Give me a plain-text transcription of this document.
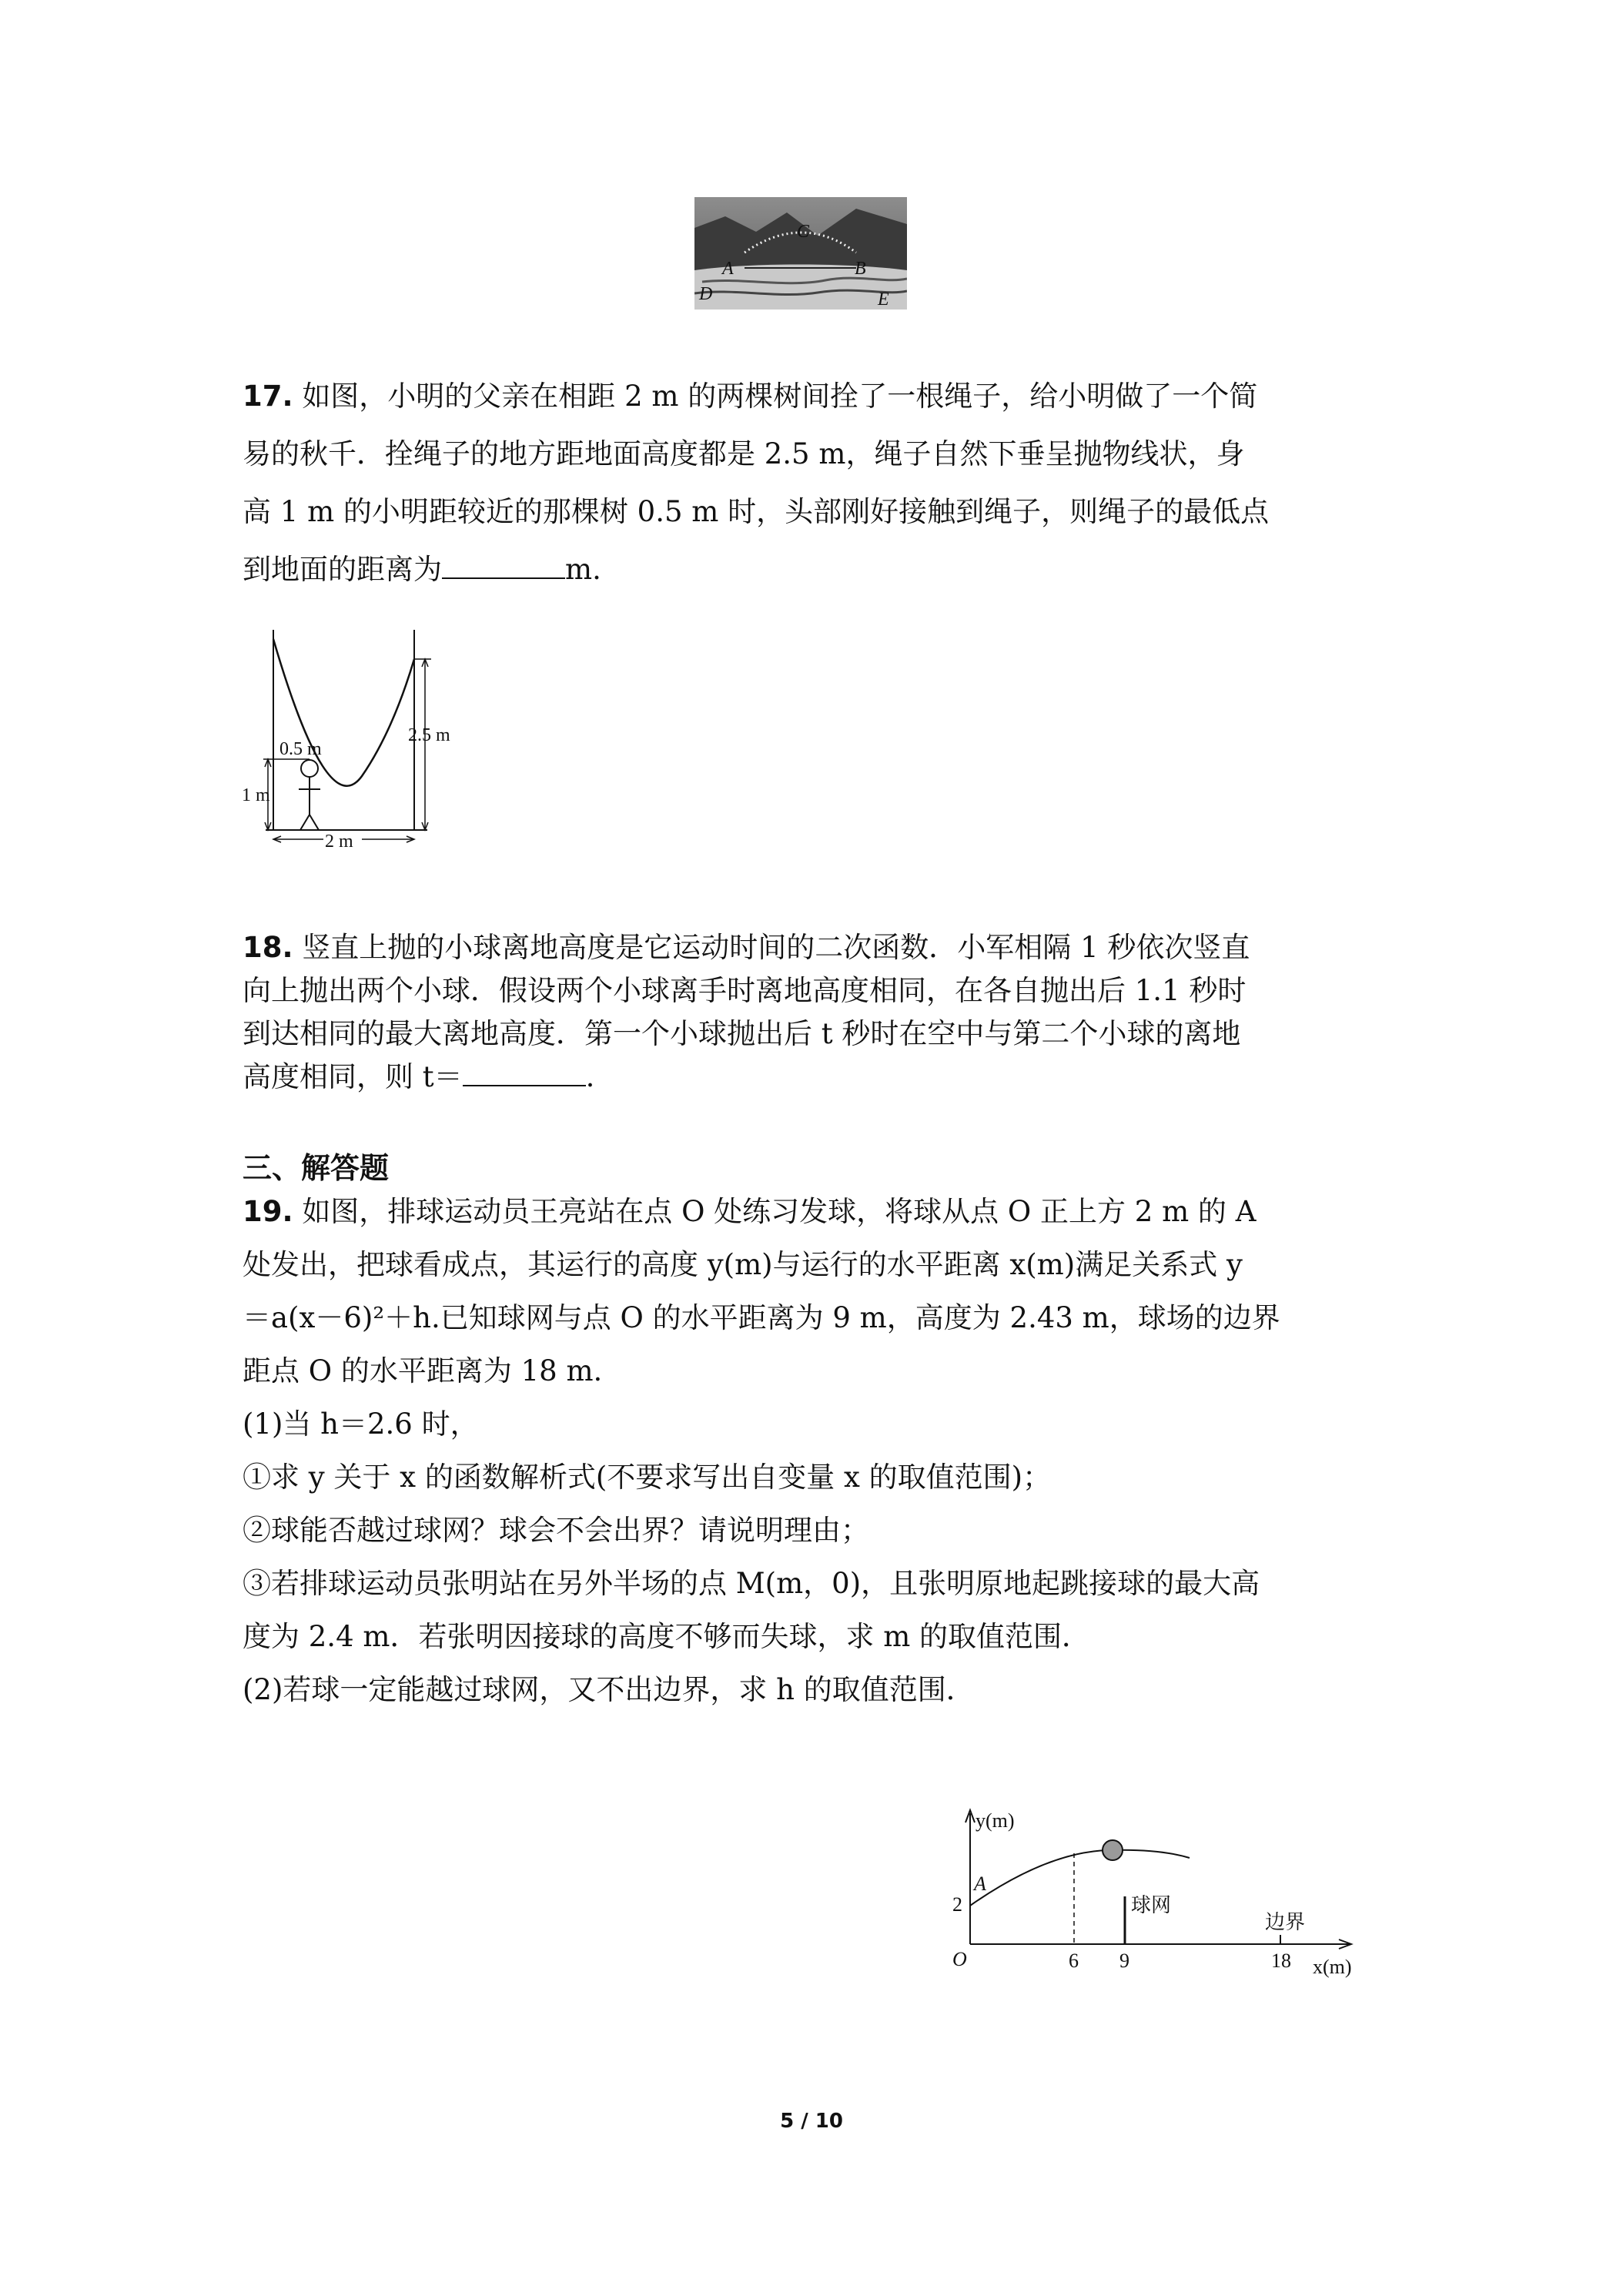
C
A	B
D	E

17. 如图，小明的父亲在相距 2 m 的两棵树间拴了一根绳子，给小明做了一个简

易的秋千．拴绳子的地方距地面高度都是 2.5 m，绳子自然下垂呈抛物线状，身

高 1 m 的小明距较近的那棵树 0.5 m 时，头部刚好接触到绳子，则绳子的最低点

到地面的距离为	m.

1 m
0.5 m
2.5 m
2 m

18. 竖直上抛的小球离地高度是它运动时间的二次函数．小军相隔 1 秒依次竖直

向上抛出两个小球．假设两个小球离手时离地高度相同，在各自抛出后 1.1 秒时

到达相同的最大离地高度．第一个小球抛出后 t 秒时在空中与第二个小球的离地

高度相同，则 t＝	.

三、解答题

19. 如图，排球运动员王亮站在点 O 处练习发球，将球从点 O 正上方 2 m 的 A

处发出，把球看成点，其运行的高度 y(m)与运行的水平距离 x(m)满足关系式 y

＝a(x－6)²＋h.已知球网与点 O 的水平距离为 9 m，高度为 2.43 m，球场的边界

距点 O 的水平距离为 18 m.

(1)当 h＝2.6 时，

①求 y 关于 x 的函数解析式(不要求写出自变量 x 的取值范围)；

②球能否越过球网？球会不会出界？请说明理由；

③若排球运动员张明站在另外半场的点 M(m，0)，且张明原地起跳接球的最大高

度为 2.4 m．若张明因接球的高度不够而失球，求 m 的取值范围．

(2)若球一定能越过球网，又不出边界，求 h 的取值范围．

y(m)
x(m)
O
2
A
6 9
球网
边界
18
5 / 10
